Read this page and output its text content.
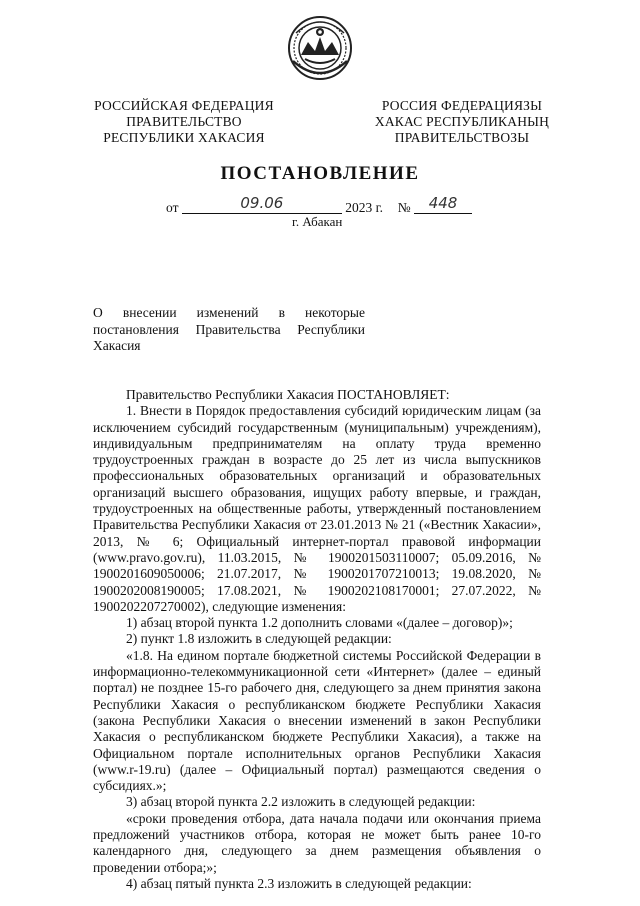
РОССИЙСКАЯ ФЕДЕРАЦИЯ
ПРАВИТЕЛЬСТВО
РЕСПУБЛИКИ ХАКАСИЯ
РОССИЯ ФЕДЕРАЦИЯЗЫ
ХАКАС РЕСПУБЛИКАНЫҢ
ПРАВИТЕЛЬСТВОЗЫ
ПОСТАНОВЛЕНИЕ
от	09.06	2023 г. № 448
г. Абакан
О внесении изменений в некоторые постановления Правительства Республики Хакасия

Правительство Республики Хакасия ПОСТАНОВЛЯЕТ:

1. Внести в Порядок предоставления субсидий юридическим лицам (за исключением субсидий государственным (муниципальным) учреждениям), индивидуальным предпринимателям на оплату труда временно трудоустроенных граждан в возрасте до 25 лет из числа выпускников профессиональных образовательных организаций и образовательных организаций высшего образования, ищущих работу впервые, и граждан, трудоустроенных на общественные работы, утвержденный постановлением Правительства Республики Хакасия от 23.01.2013 № 21 («Вестник Хакасии», 2013, № 6; Официальный интернет-портал правовой информации (www.pravo.gov.ru), 11.03.2015, № 1900201503110007; 05.09.2016, № 1900201609050006; 21.07.2017, № 1900201707210013; 19.08.2020, № 1900202008190005; 17.08.2021, № 1900202108170001; 27.07.2022, № 1900202207270002), следующие изменения:

1) абзац второй пункта 1.2 дополнить словами «(далее – договор)»;

2) пункт 1.8 изложить в следующей редакции:

«1.8. На едином портале бюджетной системы Российской Федерации в информационно-телекоммуникационной сети «Интернет» (далее – единый портал) не позднее 15-го рабочего дня, следующего за днем принятия закона Республики Хакасия о республиканском бюджете Республики Хакасия (закона Республики Хакасия о внесении изменений в закон Республики Хакасия о республиканском бюджете Республики Хакасия), а также на Официальном портале исполнительных органов Республики Хакасия (www.r-19.ru) (далее – Официальный портал) размещаются сведения о субсидиях.»;

3) абзац второй пункта 2.2 изложить в следующей редакции:

«сроки проведения отбора, дата начала подачи или окончания приема предложений участников отбора, которая не может быть ранее 10-го календарного дня, следующего за днем размещения объявления о проведении отбора;»;

4) абзац пятый пункта 2.3 изложить в следующей редакции:
